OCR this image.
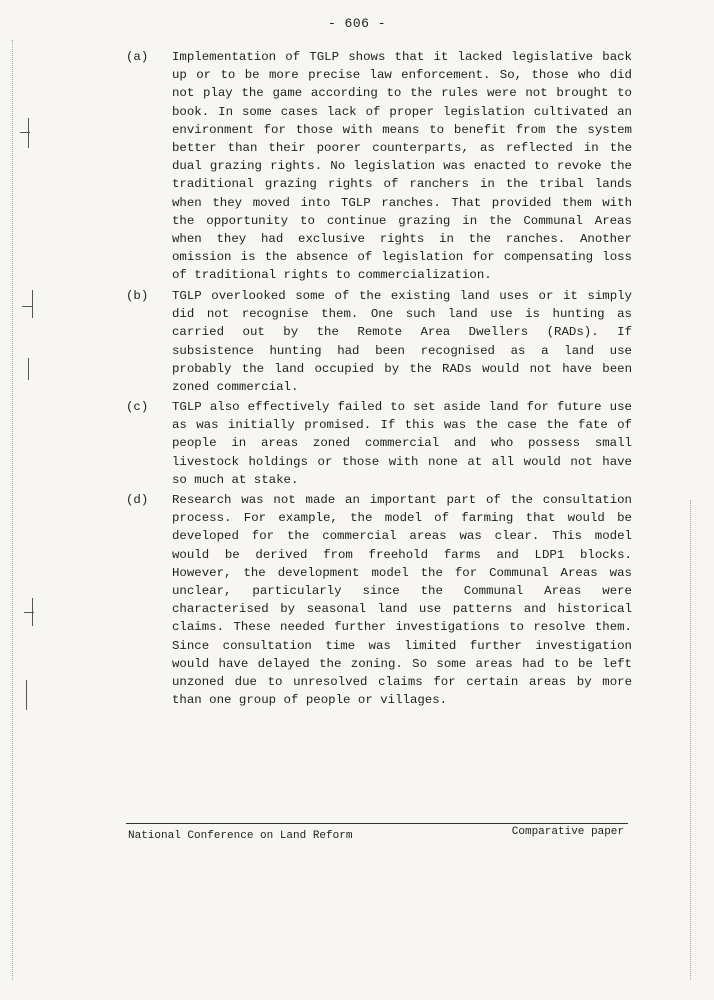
- 606 -
(a) Implementation of TGLP shows that it lacked legislative back up or to be more precise law enforcement. So, those who did not play the game according to the rules were not brought to book. In some cases lack of proper legislation cultivated an environment for those with means to benefit from the system better than their poorer counterparts, as reflected in the dual grazing rights. No legislation was enacted to revoke the traditional grazing rights of ranchers in the tribal lands when they moved into TGLP ranches. That provided them with the opportunity to continue grazing in the Communal Areas when they had exclusive rights in the ranches. Another omission is the absence of legislation for compensating loss of traditional rights to commercialization.
(b) TGLP overlooked some of the existing land uses or it simply did not recognise them. One such land use is hunting as carried out by the Remote Area Dwellers (RADs). If subsistence hunting had been recognised as a land use probably the land occupied by the RADs would not have been zoned commercial.
(c) TGLP also effectively failed to set aside land for future use as was initially promised. If this was the case the fate of people in areas zoned commercial and who possess small livestock holdings or those with none at all would not have so much at stake.
(d) Research was not made an important part of the consultation process. For example, the model of farming that would be developed for the commercial areas was clear. This model would be derived from freehold farms and LDP1 blocks. However, the development model the for Communal Areas was unclear, particularly since the Communal Areas were characterised by seasonal land use patterns and historical claims. These needed further investigations to resolve them. Since consultation time was limited further investigation would have delayed the zoning. So some areas had to be left unzoned due to unresolved claims for certain areas by more than one group of people or villages.
National Conference on Land Reform	Comparative paper
